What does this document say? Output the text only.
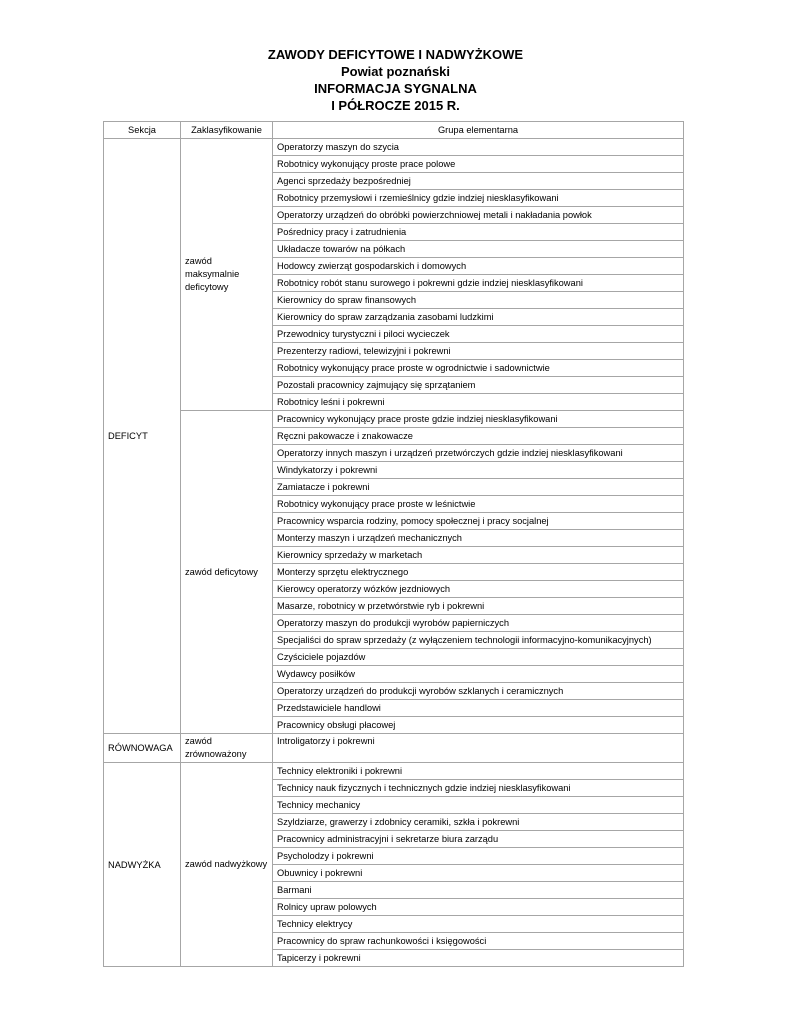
ZAWODY DEFICYTOWE I NADWYŻKOWE
Powiat poznański
INFORMACJA SYGNALNA
I PÓŁROCZE 2015 R.
Sekcja	Zaklasyfikowanie	Grupa elementarna
DEFICYT	zawód maksymalnie deficytowy	Operatorzy maszyn do szycia
		Robotnicy wykonujący proste prace polowe
		Agenci sprzedaży bezpośredniej
		Robotnicy przemysłowi i rzemieślnicy gdzie indziej niesklasyfikowani
		Operatorzy urządzeń do obróbki powierzchniowej metali i nakładania powłok
		Pośrednicy pracy i zatrudnienia
		Układacze towarów na półkach
		Hodowcy zwierząt gospodarskich i domowych
		Robotnicy robót stanu surowego i pokrewni gdzie indziej niesklasyfikowani
		Kierownicy do spraw finansowych
		Kierownicy do spraw zarządzania zasobami ludzkimi
		Przewodnicy turystyczni i piloci wycieczek
		Prezenterzy radiowi, telewizyjni i pokrewni
		Robotnicy wykonujący prace proste w ogrodnictwie i sadownictwie
		Pozostali pracownicy zajmujący się sprzątaniem
		Robotnicy leśni i pokrewni
	zawód deficytowy	Pracownicy wykonujący prace proste gdzie indziej niesklasyfikowani
		Ręczni pakowacze i znakowacze
		Operatorzy innych maszyn i urządzeń przetwórczych gdzie indziej niesklasyfikowani
		Windykatorzy i pokrewni
		Zamiatacze i pokrewni
		Robotnicy wykonujący prace proste w leśnictwie
		Pracownicy wsparcia rodziny, pomocy społecznej i pracy socjalnej
		Monterzy maszyn i urządzeń mechanicznych
		Kierownicy sprzedaży w marketach
		Monterzy sprzętu elektrycznego
		Kierowcy operatorzy wózków jezdniowych
		Masarze, robotnicy w przetwórstwie ryb i pokrewni
		Operatorzy maszyn do produkcji wyrobów papierniczych
		Specjaliści do spraw sprzedaży (z wyłączeniem technologii informacyjno-komunikacyjnych)
		Czyściciele pojazdów
		Wydawcy posiłków
		Operatorzy urządzeń do produkcji wyrobów szklanych i ceramicznych
		Przedstawiciele handlowi
		Pracownicy obsługi płacowej
RÓWNOWAGA	zawód zrównoważony	Introligatorzy i pokrewni
NADWYŻKA	zawód nadwyżkowy	Technicy elektroniki i pokrewni
		Technicy nauk fizycznych i technicznych gdzie indziej niesklasyfikowani
		Technicy mechanicy
		Szyldziarze, grawerzy i zdobnicy ceramiki, szkła i pokrewni
		Pracownicy administracyjni i sekretarze biura zarządu
		Psycholodzy i pokrewni
		Obuwnicy i pokrewni
		Barmani
		Rolnicy upraw polowych
		Technicy elektrycy
		Pracownicy do spraw rachunkowości i księgowości
		Tapicerzy i pokrewni
